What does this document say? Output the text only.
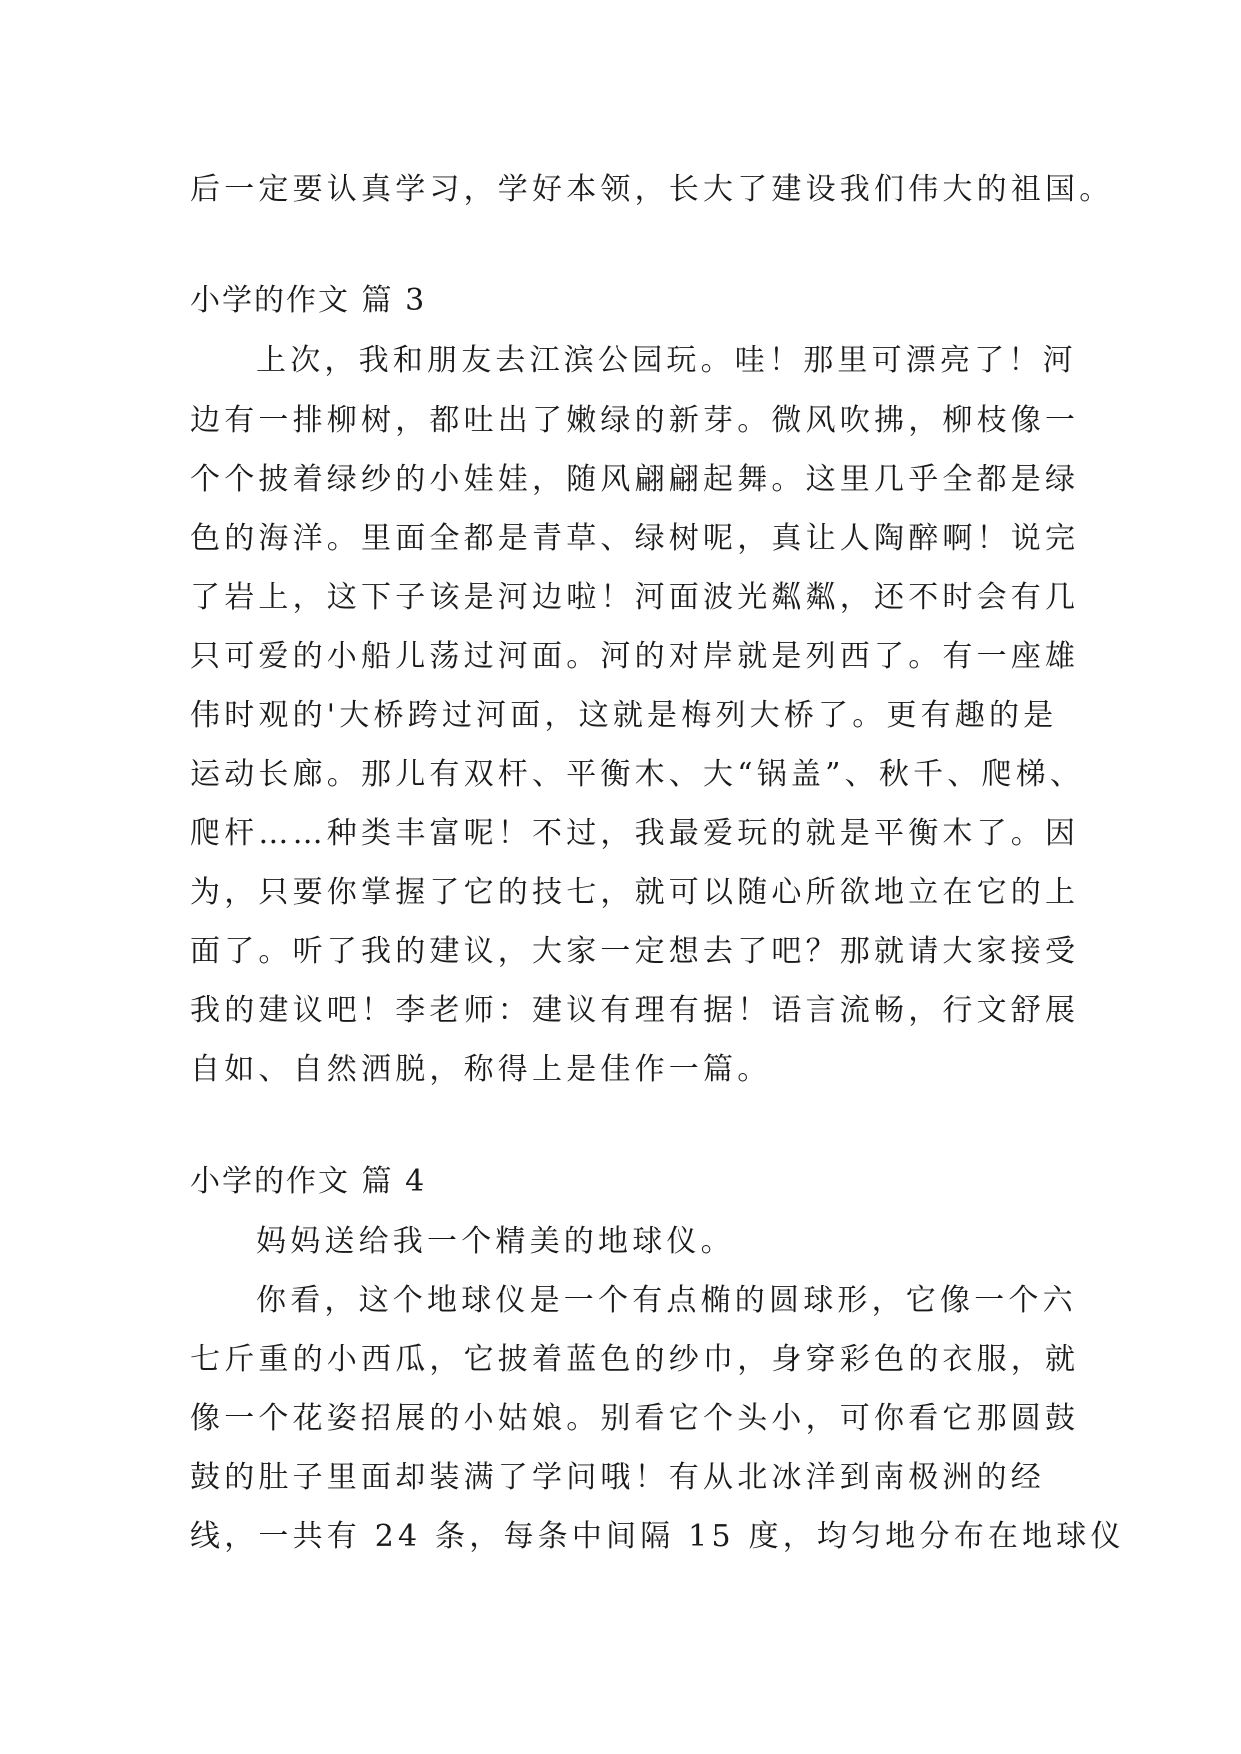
后一定要认真学习，学好本领，长大了建设我们伟大的祖国。
小学的作文 篇 3
上次，我和朋友去江滨公园玩。哇！那里可漂亮了！河
边有一排柳树，都吐出了嫩绿的新芽。微风吹拂，柳枝像一
个个披着绿纱的小娃娃，随风翩翩起舞。这里几乎全都是绿
色的海洋。里面全都是青草、绿树呢，真让人陶醉啊！说完
了岩上，这下子该是河边啦！河面波光粼粼，还不时会有几
只可爱的小船儿荡过河面。河的对岸就是列西了。有一座雄
伟时观的'大桥跨过河面，这就是梅列大桥了。更有趣的是
运动长廊。那儿有双杆、平衡木、大“锅盖”、秋千、爬梯、
爬杆……种类丰富呢！不过，我最爱玩的就是平衡木了。因
为，只要你掌握了它的技七，就可以随心所欲地立在它的上
面了。听了我的建议，大家一定想去了吧？那就请大家接受
我的建议吧！李老师：建议有理有据！语言流畅，行文舒展
自如、自然洒脱，称得上是佳作一篇。
小学的作文 篇 4
妈妈送给我一个精美的地球仪。
你看，这个地球仪是一个有点椭的圆球形，它像一个六
七斤重的小西瓜，它披着蓝色的纱巾，身穿彩色的衣服，就
像一个花姿招展的小姑娘。别看它个头小，可你看它那圆鼓
鼓的肚子里面却装满了学问哦！有从北冰洋到南极洲的经
线，一共有 24 条，每条中间隔 15 度，均匀地分布在地球仪
